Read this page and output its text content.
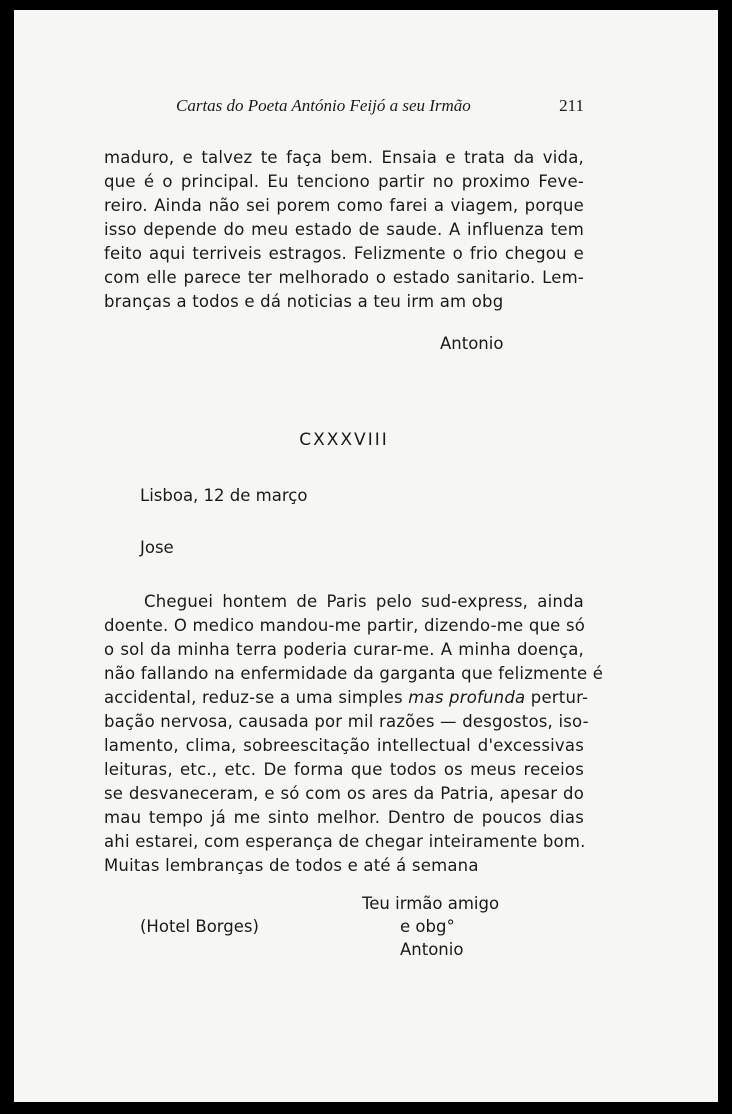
Cartas do Poeta António Feijó a seu Irmão	211
maduro, e talvez te faça bem. Ensaia e trata da vida,
que é o principal. Eu tenciono partir no proximo Feve-
reiro. Ainda não sei porem como farei a viagem, porque
isso depende do meu estado de saude. A influenza tem
feito aqui terriveis estragos. Felizmente o frio chegou e
com elle parece ter melhorado o estado sanitario. Lem-
branças a todos e dá noticias a teu irm am obg
Antonio
CXXXVIII
Lisboa, 12 de março
Jose
Cheguei hontem de Paris pelo sud-express, ainda
doente. O medico mandou-me partir, dizendo-me que só
o sol da minha terra poderia curar-me. A minha doença,
não fallando na enfermidade da garganta que felizmente é
accidental, reduz-se a uma simples mas profunda pertur-
bação nervosa, causada por mil razões — desgostos, iso-
lamento, clima, sobreescitação intellectual d'excessivas
leituras, etc., etc. De forma que todos os meus receios
se desvaneceram, e só com os ares da Patria, apesar do
mau tempo já me sinto melhor. Dentro de poucos dias
ahi estarei, com esperança de chegar inteiramente bom.
Muitas lembranças de todos e até á semana
Teu irmão amigo
e obg°
Antonio
(Hotel Borges)
